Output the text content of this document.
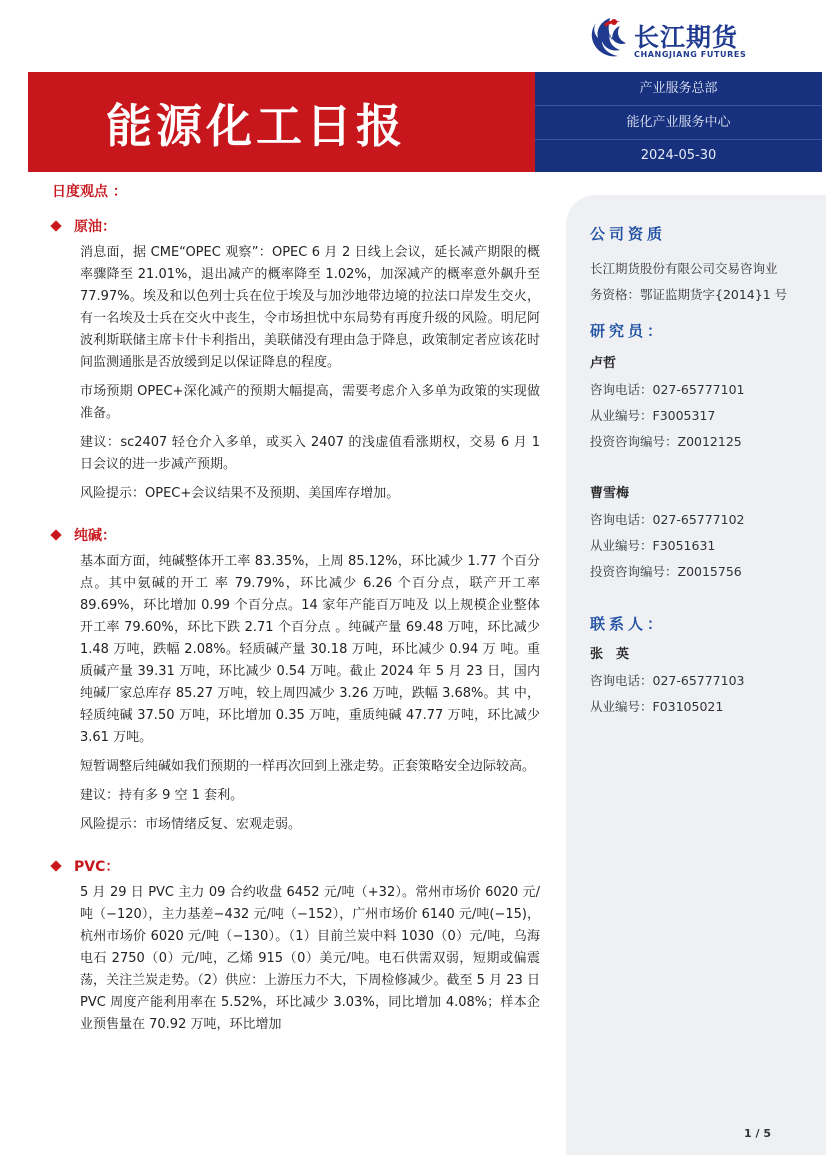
长江期货
CHANGJIANG FUTURES
能源化工日报
产业服务总部
能化产业服务中心
2024-05-30
日度观点 ：
原油：

消息面，据 CME“OPEC 观察”：OPEC 6 月 2 日线上会议，延长减产期限的概率骤降至 21.01%，退出减产的概率降至 1.02%，加深减产的概率意外飙升至 77.97%。埃及和以色列士兵在位于埃及与加沙地带边境的拉法口岸发生交火，有一名埃及士兵在交火中丧生，令市场担忧中东局势有再度升级的风险。明尼阿波利斯联储主席卡什卡利指出，美联储没有理由急于降息，政策制定者应该花时间监测通胀是否放缓到足以保证降息的程度。

市场预期 OPEC+深化减产的预期大幅提高，需要考虑介入多单为政策的实现做准备。

建议：sc2407 轻仓介入多单，或买入 2407 的浅虚值看涨期权，交易 6 月 1 日会议的进一步减产预期。

风险提示：OPEC+会议结果不及预期、美国库存增加。

纯碱：

基本面方面，纯碱整体开工率 83.35%，上周 85.12%，环比减少 1.77 个百分点。其中氨碱的开工 率 79.79%，环比减少 6.26 个百分点，联产开工率 89.69%，环比增加 0.99 个百分点。14 家年产能百万吨及 以上规模企业整体开工率 79.60%，环比下跌 2.71 个百分点 。纯碱产量 69.48 万吨，环比减少 1.48 万吨，跌幅 2.08%。轻质碱产量 30.18 万吨，环比减少 0.94 万 吨。重质碱产量 39.31 万吨，环比减少 0.54 万吨。截止 2024 年 5 月 23 日，国内纯碱厂家总库存 85.27 万吨，较上周四减少 3.26 万吨，跌幅 3.68%。其 中，轻质纯碱 37.50 万吨，环比增加 0.35 万吨，重质纯碱 47.77 万吨，环比减少 3.61 万吨。

短暂调整后纯碱如我们预期的一样再次回到上涨走势。正套策略安全边际较高。

建议：持有多 9 空 1 套利。

风险提示：市场情绪反复、宏观走弱。

PVC：

5 月 29 日 PVC 主力 09 合约收盘 6452 元/吨（+32）。常州市场价 6020 元/吨（−120），主力基差−432 元/吨（−152），广州市场价 6140 元/吨(−15)，杭州市场价 6020 元/吨（−130）。（1）目前兰炭中料 1030（0）元/吨，乌海电石 2750（0）元/吨，乙烯 915（0）美元/吨。电石供需双弱，短期或偏震荡，关注兰炭走势。（2）供应：上游压力不大，下周检修减少。截至 5 月 23 日 PVC 周度产能利用率在 5.52%，环比减少 3.03%，同比增加 4.08%；样本企业预售量在 70.92 万吨，环比增加

公司资质
长江期货股份有限公司交易咨询业
务资格：鄂证监期货字{2014}1 号
研究员：
卢哲
咨询电话：027-65777101
从业编号：F3005317
投资咨询编号：Z0012125
曹雪梅
咨询电话：027-65777102
从业编号：F3051631
投资咨询编号：Z0015756
联系人：
张　英
咨询电话：027-65777103
从业编号：F03105021
1 / 5
